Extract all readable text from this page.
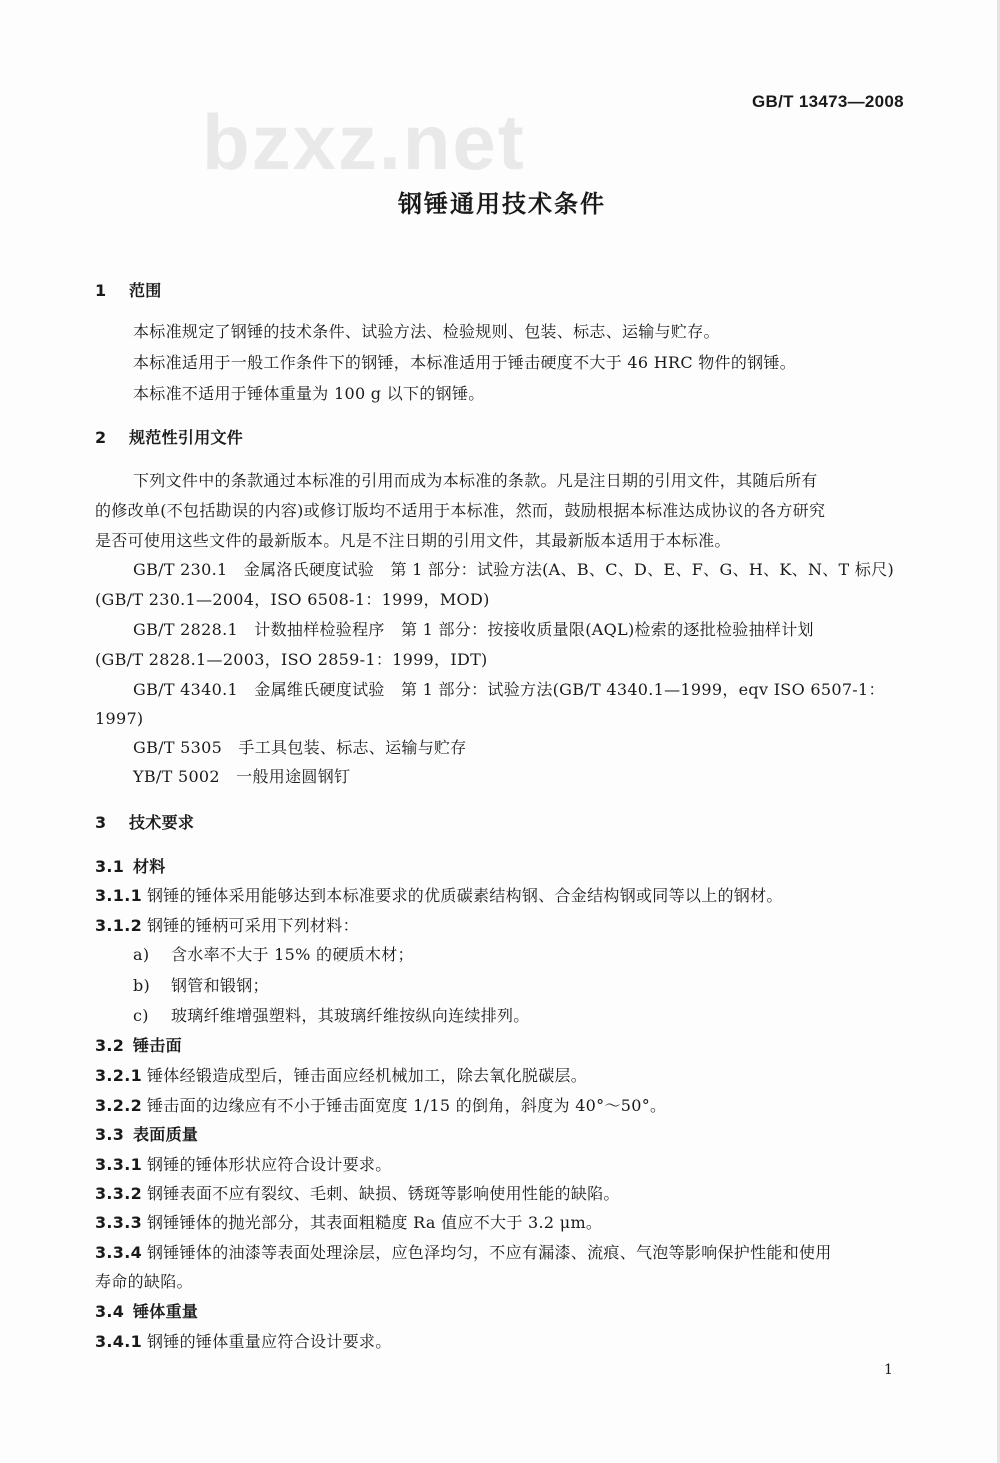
GB/T 13473—2008
bzxz.net
钢锤通用技术条件
1 范围
本标准规定了钢锤的技术条件、试验方法、检验规则、包装、标志、运输与贮存。
本标准适用于一般工作条件下的钢锤，本标准适用于锤击硬度不大于 46 HRC 物件的钢锤。
本标准不适用于锤体重量为 100 g 以下的钢锤。
2 规范性引用文件
下列文件中的条款通过本标准的引用而成为本标准的条款。凡是注日期的引用文件，其随后所有
的修改单(不包括勘误的内容)或修订版均不适用于本标准，然而，鼓励根据本标准达成协议的各方研究
是否可使用这些文件的最新版本。凡是不注日期的引用文件，其最新版本适用于本标准。
GB/T 230.1　金属洛氏硬度试验　第 1 部分：试验方法(A、B、C、D、E、F、G、H、K、N、T 标尺)
(GB/T 230.1—2004，ISO 6508-1：1999，MOD)
GB/T 2828.1　计数抽样检验程序　第 1 部分：按接收质量限(AQL)检索的逐批检验抽样计划
(GB/T 2828.1—2003，ISO 2859-1：1999，IDT)
GB/T 4340.1　金属维氏硬度试验　第 1 部分：试验方法(GB/T 4340.1—1999，eqv ISO 6507-1：
1997)
GB/T 5305　手工具包装、标志、运输与贮存
YB/T 5002　一般用途圆钢钉
3 技术要求
3.1 材料
3.1.1 钢锤的锤体采用能够达到本标准要求的优质碳素结构钢、合金结构钢或同等以上的钢材。
3.1.2 钢锤的锤柄可采用下列材料：
a) 含水率不大于 15% 的硬质木材；
b) 钢管和锻钢；
c) 玻璃纤维增强塑料，其玻璃纤维按纵向连续排列。
3.2 锤击面
3.2.1 锤体经锻造成型后，锤击面应经机械加工，除去氧化脱碳层。
3.2.2 锤击面的边缘应有不小于锤击面宽度 1/15 的倒角，斜度为 40°～50°。
3.3 表面质量
3.3.1 钢锤的锤体形状应符合设计要求。
3.3.2 钢锤表面不应有裂纹、毛刺、缺损、锈斑等影响使用性能的缺陷。
3.3.3 钢锤锤体的抛光部分，其表面粗糙度 Ra 值应不大于 3.2 μm。
3.3.4 钢锤锤体的油漆等表面处理涂层，应色泽均匀，不应有漏漆、流痕、气泡等影响保护性能和使用
寿命的缺陷。
3.4 锤体重量
3.4.1 钢锤的锤体重量应符合设计要求。
1
